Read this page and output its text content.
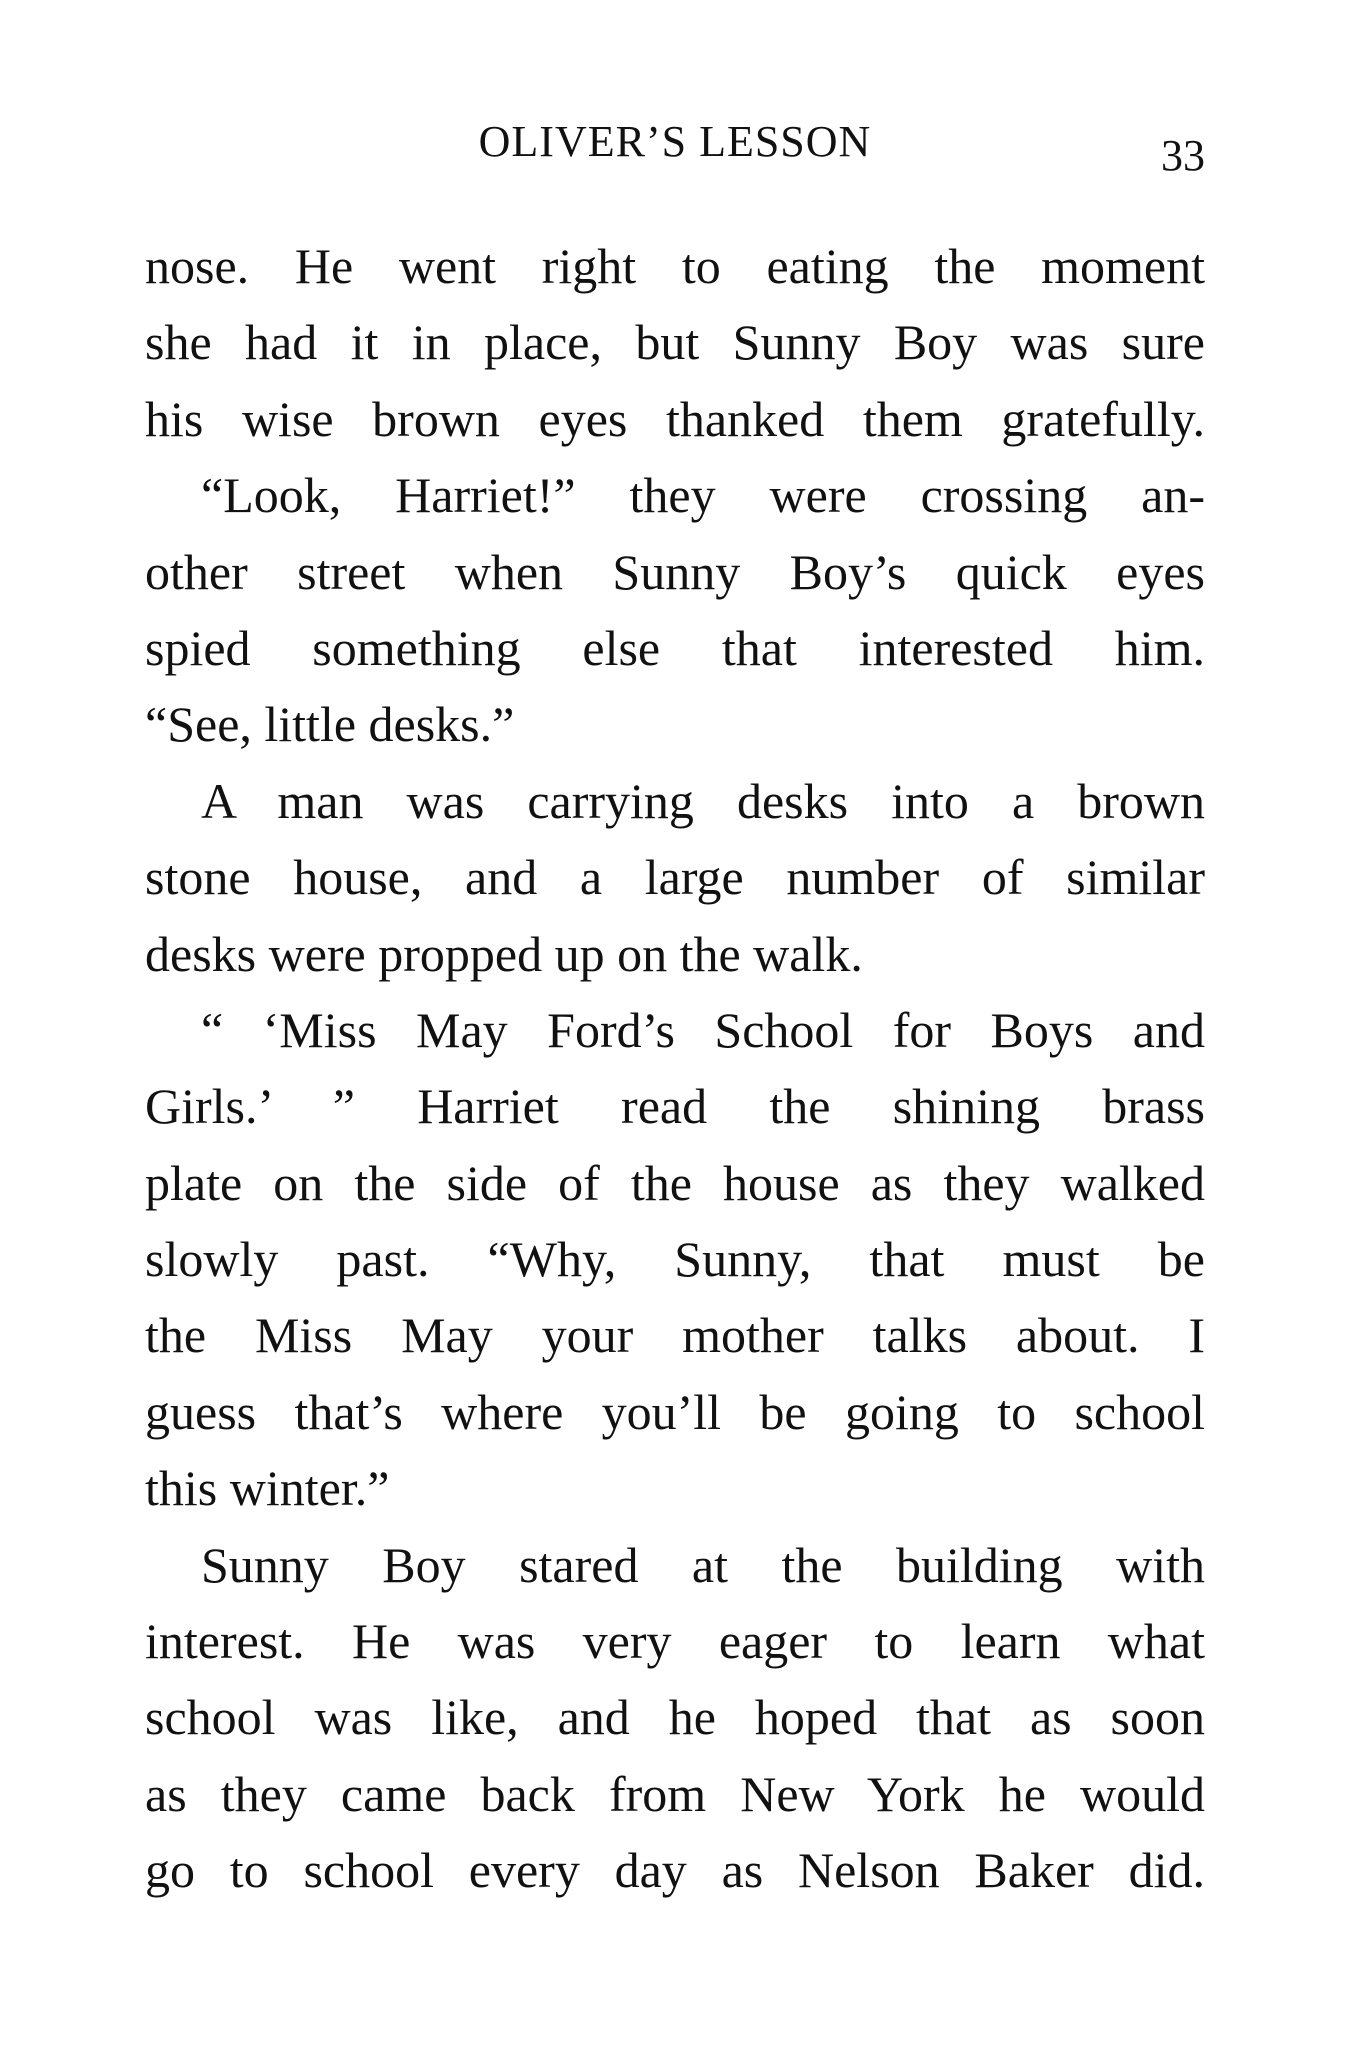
OLIVER’S LESSON	33
nose. He went right to eating the moment
she had it in place, but Sunny Boy was sure
his wise brown eyes thanked them gratefully.
“Look, Harriet!” they were crossing an-
other street when Sunny Boy’s quick eyes
spied something else that interested him.
“See, little desks.”
A man was carrying desks into a brown
stone house, and a large number of similar
desks were propped up on the walk.
“ ‘Miss May Ford’s School for Boys and
Girls.’ ” Harriet read the shining brass
plate on the side of the house as they walked
slowly past. “Why, Sunny, that must be
the Miss May your mother talks about. I
guess that’s where you’ll be going to school
this winter.”
Sunny Boy stared at the building with
interest. He was very eager to learn what
school was like, and he hoped that as soon
as they came back from New York he would
go to school every day as Nelson Baker did.
